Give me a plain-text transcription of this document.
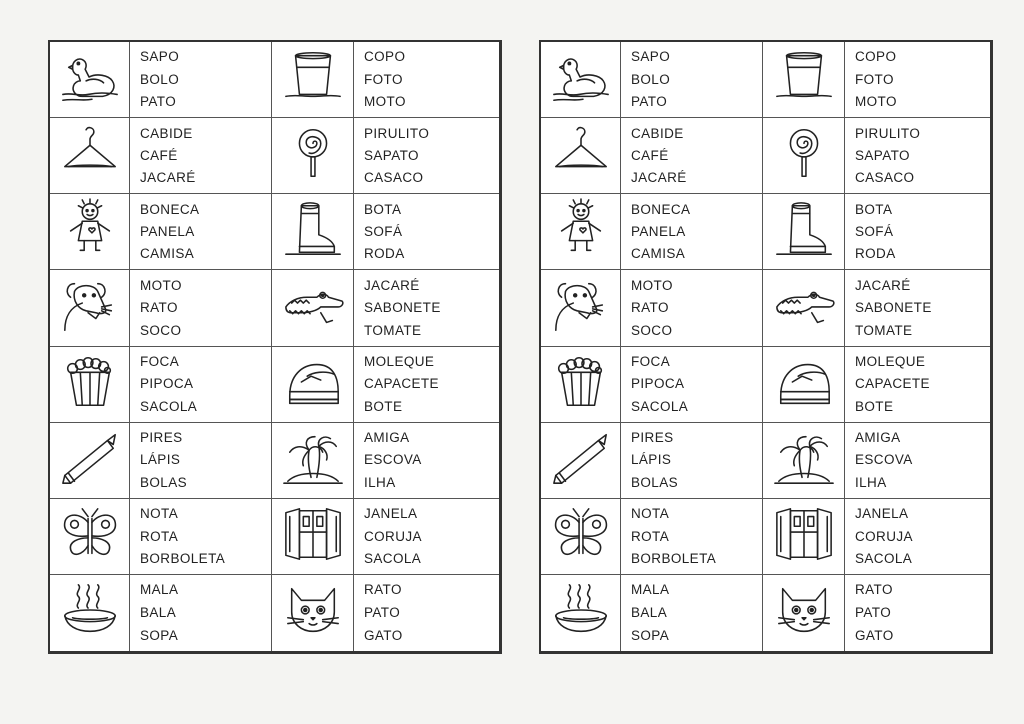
SAPO
BOLO
PATO
COPO
FOTO
MOTO
CABIDE
CAFÉ
JACARÉ
PIRULITO
SAPATO
CASACO
BONECA
PANELA
CAMISA
BOTA
SOFÁ
RODA
MOTO
RATO
SOCO
JACARÉ
SABONETE
TOMATE
FOCA
PIPOCA
SACOLA
MOLEQUE
CAPACETE
BOTE
PIRES
LÁPIS
BOLAS
AMIGA
ESCOVA
ILHA
NOTA
ROTA
BORBOLETA
JANELA
CORUJA
SACOLA
MALA
BALA
SOPA
RATO
PATO
GATO
SAPO
BOLO
PATO
COPO
FOTO
MOTO
CABIDE
CAFÉ
JACARÉ
PIRULITO
SAPATO
CASACO
BONECA
PANELA
CAMISA
BOTA
SOFÁ
RODA
MOTO
RATO
SOCO
JACARÉ
SABONETE
TOMATE
FOCA
PIPOCA
SACOLA
MOLEQUE
CAPACETE
BOTE
PIRES
LÁPIS
BOLAS
AMIGA
ESCOVA
ILHA
NOTA
ROTA
BORBOLETA
JANELA
CORUJA
SACOLA
MALA
BALA
SOPA
RATO
PATO
GATO
